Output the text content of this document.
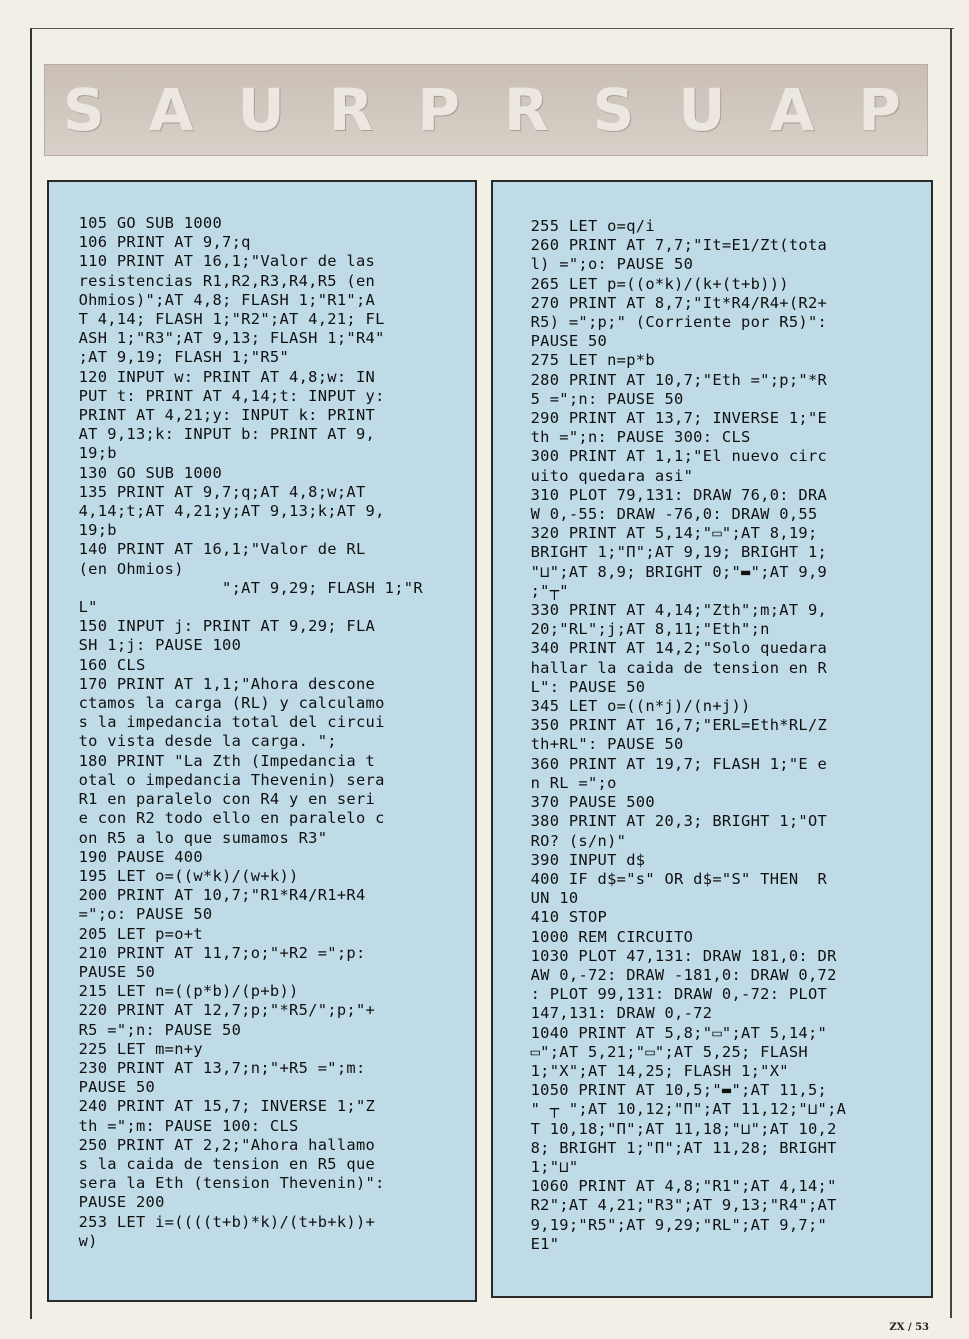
S A U R P R S U A P
105 GO SUB 1000
106 PRINT AT 9,7;q
110 PRINT AT 16,1;"Valor de las
resistencias R1,R2,R3,R4,R5 (en
Ohmios)";AT 4,8; FLASH 1;"R1";A
T 4,14; FLASH 1;"R2";AT 4,21; FL
ASH 1;"R3";AT 9,13; FLASH 1;"R4"
;AT 9,19; FLASH 1;"R5"
120 INPUT w: PRINT AT 4,8;w: IN
PUT t: PRINT AT 4,14;t: INPUT y:
PRINT AT 4,21;y: INPUT k: PRINT
AT 9,13;k: INPUT b: PRINT AT 9,
19;b
130 GO SUB 1000
135 PRINT AT 9,7;q;AT 4,8;w;AT
4,14;t;AT 4,21;y;AT 9,13;k;AT 9,
19;b
140 PRINT AT 16,1;"Valor de RL
(en Ohmios)
";AT 9,29; FLASH 1;"R
L"
150 INPUT j: PRINT AT 9,29; FLA
SH 1;j: PAUSE 100
160 CLS
170 PRINT AT 1,1;"Ahora descone
ctamos la carga (RL) y calculamo
s la impedancia total del circui
to vista desde la carga. ";
180 PRINT "La Zth (Impedancia t
otal o impedancia Thevenin) sera
R1 en paralelo con R4 y en seri
e con R2 todo ello en paralelo c
on R5 a lo que sumamos R3"
190 PAUSE 400
195 LET o=((w*k)/(w+k))
200 PRINT AT 10,7;"R1*R4/R1+R4
=";o: PAUSE 50
205 LET p=o+t
210 PRINT AT 11,7;o;"+R2 =";p:
PAUSE 50
215 LET n=((p*b)/(p+b))
220 PRINT AT 12,7;p;"*R5/";p;"+
R5 =";n: PAUSE 50
225 LET m=n+y
230 PRINT AT 13,7;n;"+R5 =";m:
PAUSE 50
240 PRINT AT 15,7; INVERSE 1;"Z
th =";m: PAUSE 100: CLS
250 PRINT AT 2,2;"Ahora hallamo
s la caida de tension en R5 que
sera la Eth (tension Thevenin)":
PAUSE 200
253 LET i=((((t+b)*k)/(t+b+k))+
w)

255 LET o=q/i
260 PRINT AT 7,7;"It=E1/Zt(tota
l) =";o: PAUSE 50
265 LET p=((o*k)/(k+(t+b)))
270 PRINT AT 8,7;"It*R4/R4+(R2+
R5) =";p;" (Corriente por R5)":
PAUSE 50
275 LET n=p*b
280 PRINT AT 10,7;"Eth =";p;"*R
5 =";n: PAUSE 50
290 PRINT AT 13,7; INVERSE 1;"E
th =";n: PAUSE 300: CLS
300 PRINT AT 1,1;"El nuevo circ
uito quedara asi"
310 PLOT 79,131: DRAW 76,0: DRA
W 0,-55: DRAW -76,0: DRAW 0,55
320 PRINT AT 5,14;"▭";AT 8,19;
BRIGHT 1;"Π";AT 9,19; BRIGHT 1;
"⊔";AT 8,9; BRIGHT 0;"▬";AT 9,9
;"┬"
330 PRINT AT 4,14;"Zth";m;AT 9,
20;"RL";j;AT 8,11;"Eth";n
340 PRINT AT 14,2;"Solo quedara
hallar la caida de tension en R
L": PAUSE 50
345 LET o=((n*j)/(n+j))
350 PRINT AT 16,7;"ERL=Eth*RL/Z
th+RL": PAUSE 50
360 PRINT AT 19,7; FLASH 1;"E e
n RL =";o
370 PAUSE 500
380 PRINT AT 20,3; BRIGHT 1;"OT
RO? (s/n)"
390 INPUT d$
400 IF d$="s" OR d$="S" THEN  R
UN 10
410 STOP
1000 REM CIRCUITO
1030 PLOT 47,131: DRAW 181,0: DR
AW 0,-72: DRAW -181,0: DRAW 0,72
: PLOT 99,131: DRAW 0,-72: PLOT
147,131: DRAW 0,-72
1040 PRINT AT 5,8;"▭";AT 5,14;"
▭";AT 5,21;"▭";AT 5,25; FLASH
1;"X";AT 14,25; FLASH 1;"X"
1050 PRINT AT 10,5;"▬";AT 11,5;
" ┬ ";AT 10,12;"Π";AT 11,12;"⊔";A
T 10,18;"Π";AT 11,18;"⊔";AT 10,2
8; BRIGHT 1;"Π";AT 11,28; BRIGHT
1;"⊔"
1060 PRINT AT 4,8;"R1";AT 4,14;"
R2";AT 4,21;"R3";AT 9,13;"R4";AT
9,19;"R5";AT 9,29;"RL";AT 9,7;"
E1"

ZX / 53
